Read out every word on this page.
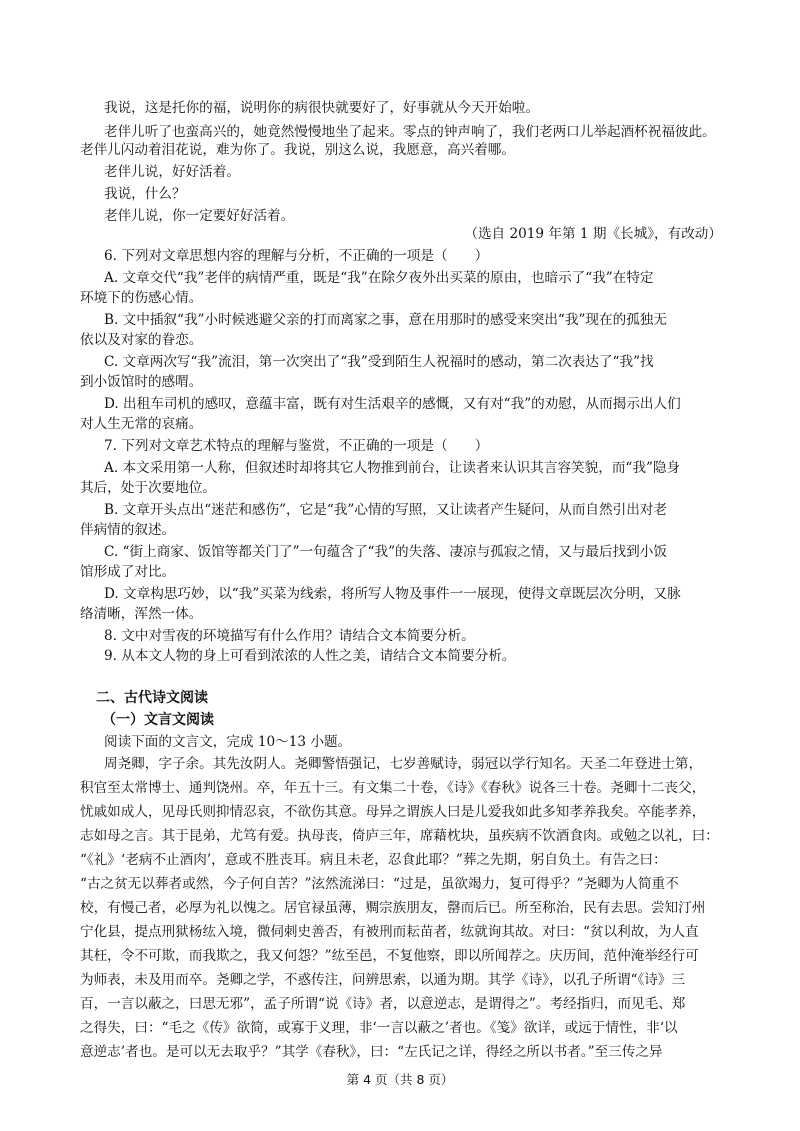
我说，这是托你的福，说明你的病很快就要好了，好事就从今天开始啦。
老伴儿听了也蛮高兴的，她竟然慢慢地坐了起来。零点的钟声响了，我们老两口儿举起酒杯祝福彼此。
老伴儿闪动着泪花说，难为你了。我说，别这么说，我愿意，高兴着哪。
老伴儿说，好好活着。
我说，什么？
老伴儿说，你一定要好好活着。
（选自 2019 年第 1 期《长城》，有改动）
6. 下列对文章思想内容的理解与分析，不正确的一项是（　　）
A. 文章交代“我”老伴的病情严重，既是“我”在除夕夜外出买菜的原由，也暗示了“我”在特定
环境下的伤感心情。
B. 文中插叙“我”小时候逃避父亲的打而离家之事，意在用那时的感受来突出“我”现在的孤独无
依以及对家的眷恋。
C. 文章两次写“我”流泪，第一次突出了“我”受到陌生人祝福时的感动，第二次表达了“我”找
到小饭馆时的感喟。
D. 出租车司机的感叹，意蕴丰富，既有对生活艰辛的感慨，又有对“我”的劝慰，从而揭示出人们
对人生无常的哀痛。
7. 下列对文章艺术特点的理解与鉴赏，不正确的一项是（　　）
A. 本文采用第一人称，但叙述时却将其它人物推到前台，让读者来认识其言容笑貌，而“我”隐身
其后，处于次要地位。
B. 文章开头点出“迷茫和感伤”，它是“我”心情的写照，又让读者产生疑问，从而自然引出对老
伴病情的叙述。
C. “街上商家、饭馆等都关门了”一句蕴含了“我”的失落、凄凉与孤寂之情，又与最后找到小饭
馆形成了对比。
D. 文章构思巧妙，以“我”买菜为线索，将所写人物及事件一一展现，使得文章既层次分明，又脉
络清晰，浑然一体。
8. 文中对雪夜的环境描写有什么作用？请结合文本简要分析。
9. 从本文人物的身上可看到浓浓的人性之美，请结合文本简要分析。
二、古代诗文阅读
（一）文言文阅读
阅读下面的文言文，完成 10～13 小题。
周尧卿，字子余。其先汝阴人。尧卿警悟强记，七岁善赋诗，弱冠以学行知名。天圣二年登进士第，
积官至太常博士、通判饶州。卒，年五十三。有文集二十卷，《诗》《春秋》说各三十卷。尧卿十二丧父，
忧戚如成人，见母氏则抑情忍哀，不欲伤其意。母异之谓族人曰是儿爱我如此多知孝养我矣。卒能孝养，
志如母之言。其于昆弟，尤笃有爱。执母丧，倚庐三年，席藉枕块，虽疾病不饮酒食肉。或勉之以礼，曰：
“《礼》‘老病不止酒肉’，意或不胜丧耳。病且未老，忍食此耶？”葬之先期，躬自负土。有告之曰：
“古之贫无以葬者或然，今子何自苦？”泫然流涕曰：“过是，虽欲竭力，复可得乎？”尧卿为人简重不
校，有慢己者，必厚为礼以愧之。居官禄虽薄，赒宗族朋友，罄而后已。所至称治，民有去思。尝知汀州
宁化县，提点刑狱杨纮入境，微伺刺史善否，有被刑而耘苗者，纮就询其故。对曰：“贫以利故，为人直
其枉，令不可欺，而我欺之，我又何怨？”纮至邑，不复他察，即以所闻荐之。庆历间，范仲淹举经行可
为师表，未及用而卒。尧卿之学，不惑传注，问辨思索，以通为期。其学《诗》，以孔子所谓“《诗》三
百，一言以蔽之，曰思无邪”，孟子所谓“说《诗》者，以意逆志，是谓得之”。考经指归，而见毛、郑
之得失，曰：“毛之《传》欲简，或寡于义理，非‘一言以蔽之’者也。《笺》欲详，或远于情性，非‘以
意逆志’者也。是可以无去取乎？”其学《春秋》，曰：“左氏记之详，得经之所以书者。”至三传之异
第 4 页（共 8 页）
